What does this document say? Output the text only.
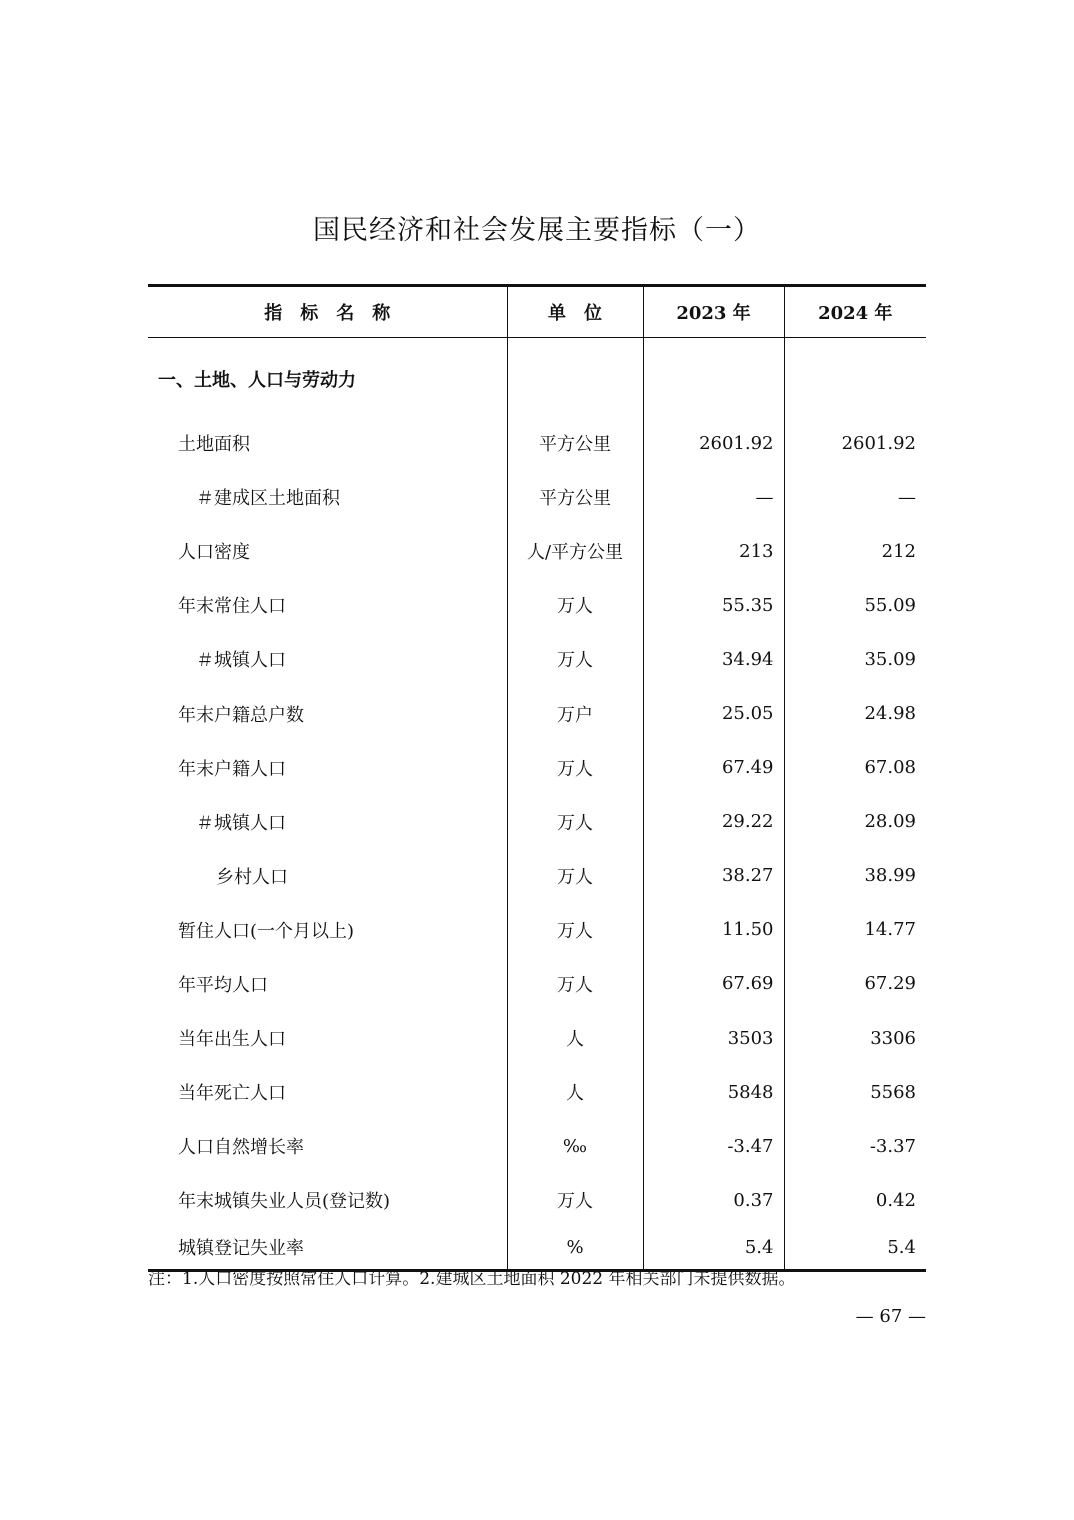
国民经济和社会发展主要指标（一）
指　标　名　称	单　位	2023 年	2024 年
一、土地、人口与劳动力			
土地面积	平方公里	2601.92	2601.92
＃建成区土地面积	平方公里	—	—
人口密度	人/平方公里	213	212
年末常住人口	万人	55.35	55.09
＃城镇人口	万人	34.94	35.09
年末户籍总户数	万户	25.05	24.98
年末户籍人口	万人	67.49	67.08
＃城镇人口	万人	29.22	28.09
乡村人口	万人	38.27	38.99
暂住人口(一个月以上)	万人	11.50	14.77
年平均人口	万人	67.69	67.29
当年出生人口	人	3503	3306
当年死亡人口	人	5848	5568
人口自然增长率	‰	-3.47	-3.37
年末城镇失业人员(登记数)	万人	0.37	0.42
城镇登记失业率	%	5.4	5.4
注：1.人口密度按照常住人口计算。2.建城区土地面积 2022 年相关部门未提供数据。
— 67 —
